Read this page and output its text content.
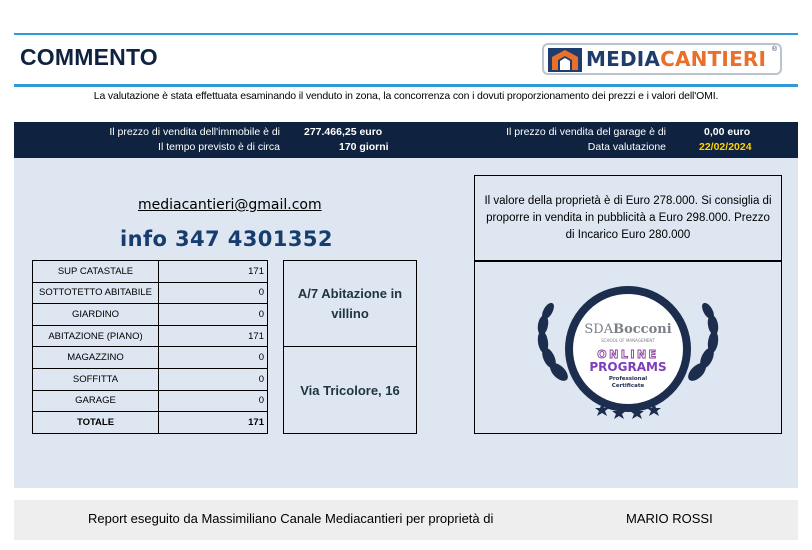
COMMENTO	MEDIACANTIERI ®
La valutazione è stata effettuata esaminando il venduto in zona, la concorrenza con i dovuti proporzionamento dei prezzi e i valori dell'OMI.
Il prezzo di vendita dell'immobile è di 277.466,25 euro
Il tempo previsto è di circa	170 giorni
Il prezzo di vendita del garage è di	0,00 euro
Data valutazione	22/02/2024
mediacantieri@gmail.com
info 347 4301352
SUP CATASTALE	171
SOTTOTETTO ABITABILE	0
GIARDINO	0
ABITAZIONE (PIANO)	171
MAGAZZINO	0
SOFFITTA	0
GARAGE	0
TOTALE	171
A/7 Abitazione in villino
Via Tricolore, 16
Il valore della proprietà è di Euro 278.000. Si consiglia di proporre in vendita in pubblicità a Euro 298.000. Prezzo di Incarico Euro 280.000
SDABocconi
SCHOOL OF MANAGEMENT
ONLINE
PROGRAMS
Professional
Certificate
Report eseguito da Massimiliano Canale Mediacantieri per proprietà di	MARIO ROSSI
